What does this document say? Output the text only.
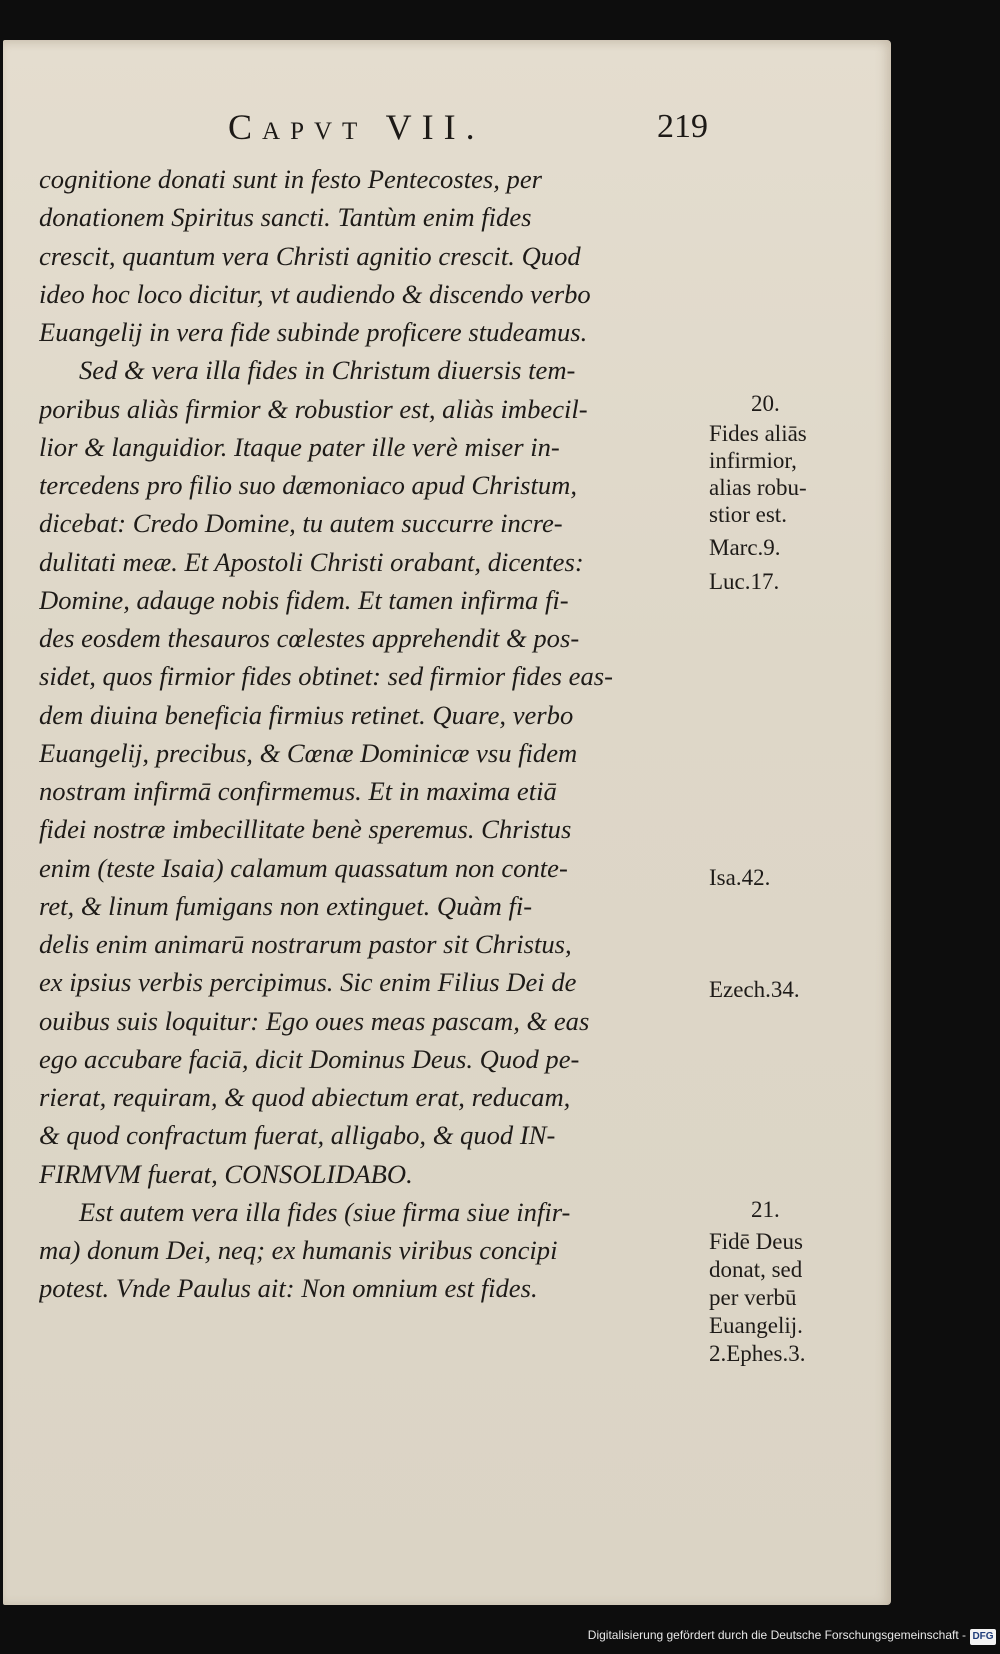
Capvt VII.	219
cognitione donati sunt in festo Pentecostes, per
donationem Spiritus sancti. Tantùm enim fides
crescit, quantum vera Christi agnitio crescit. Quod
ideo hoc loco dicitur, vt audiendo & discendo verbo
Euangelij in vera fide subinde proficere studeamus.
Sed & vera illa fides in Christum diuersis tem-
poribus aliàs firmior & robustior est, aliàs imbecil-
lior & languidior. Itaque pater ille verè miser in-
tercedens pro filio suo dæmoniaco apud Christum,
dicebat: Credo Domine, tu autem succurre incre-
dulitati meæ. Et Apostoli Christi orabant, dicentes:
Domine, adauge nobis fidem. Et tamen infirma fi-
des eosdem thesauros cœlestes apprehendit & pos-
sidet, quos firmior fides obtinet: sed firmior fides eas-
dem diuina beneficia firmius retinet. Quare, verbo
Euangelij, precibus, & Cœnæ Dominicæ vsu fidem
nostram infirmā confirmemus. Et in maxima etiā
fidei nostræ imbecillitate benè speremus. Christus
enim (teste Isaia) calamum quassatum non conte-
ret, & linum fumigans non extinguet. Quàm fi-
delis enim animarū nostrarum pastor sit Christus,
ex ipsius verbis percipimus. Sic enim Filius Dei de
ouibus suis loquitur: Ego oues meas pascam, & eas
ego accubare faciā, dicit Dominus Deus. Quod pe-
rierat, requiram, & quod abiectum erat, reducam,
& quod confractum fuerat, alligabo, & quod IN-
FIRMVM fuerat, CONSOLIDABO.
Est autem vera illa fides (siue firma siue infir-
ma) donum Dei, neq; ex humanis viribus concipi
potest. Vnde Paulus ait: Non omnium est fides.
20.
Fides aliās
infirmior,
alias robu-
stior est.
Marc.9.
Luc.17.
Isa.42.
Ezech.34.
21.
Fidē Deus
donat, sed
per verbū
Euangelij.
2.Ephes.3.
Digitalisierung gefördert durch die Deutsche Forschungsgemeinschaft - DFG
